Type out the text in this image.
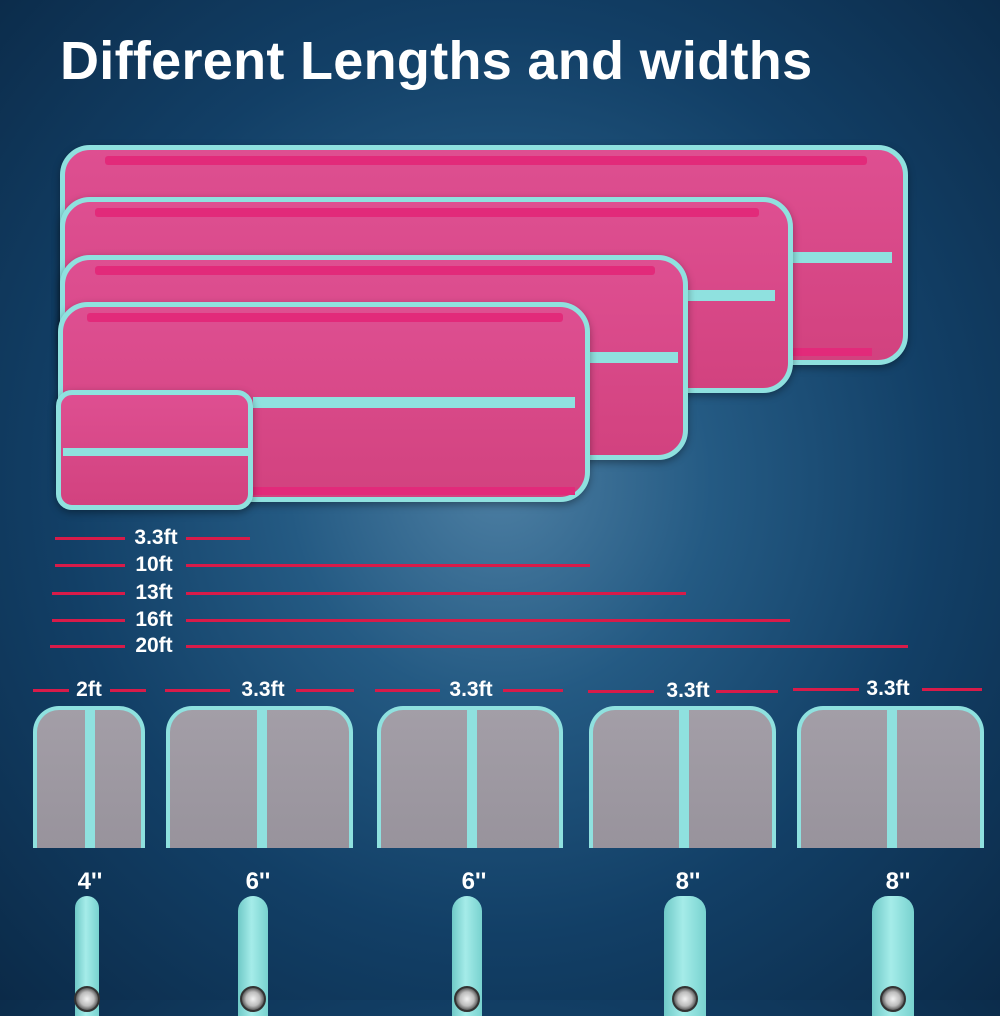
Different Lengths and widths
3.3ft
10ft
13ft
16ft
20ft
2ft	3.3ft	3.3ft	3.3ft	3.3ft
4''	6''	6''	8''	8''
